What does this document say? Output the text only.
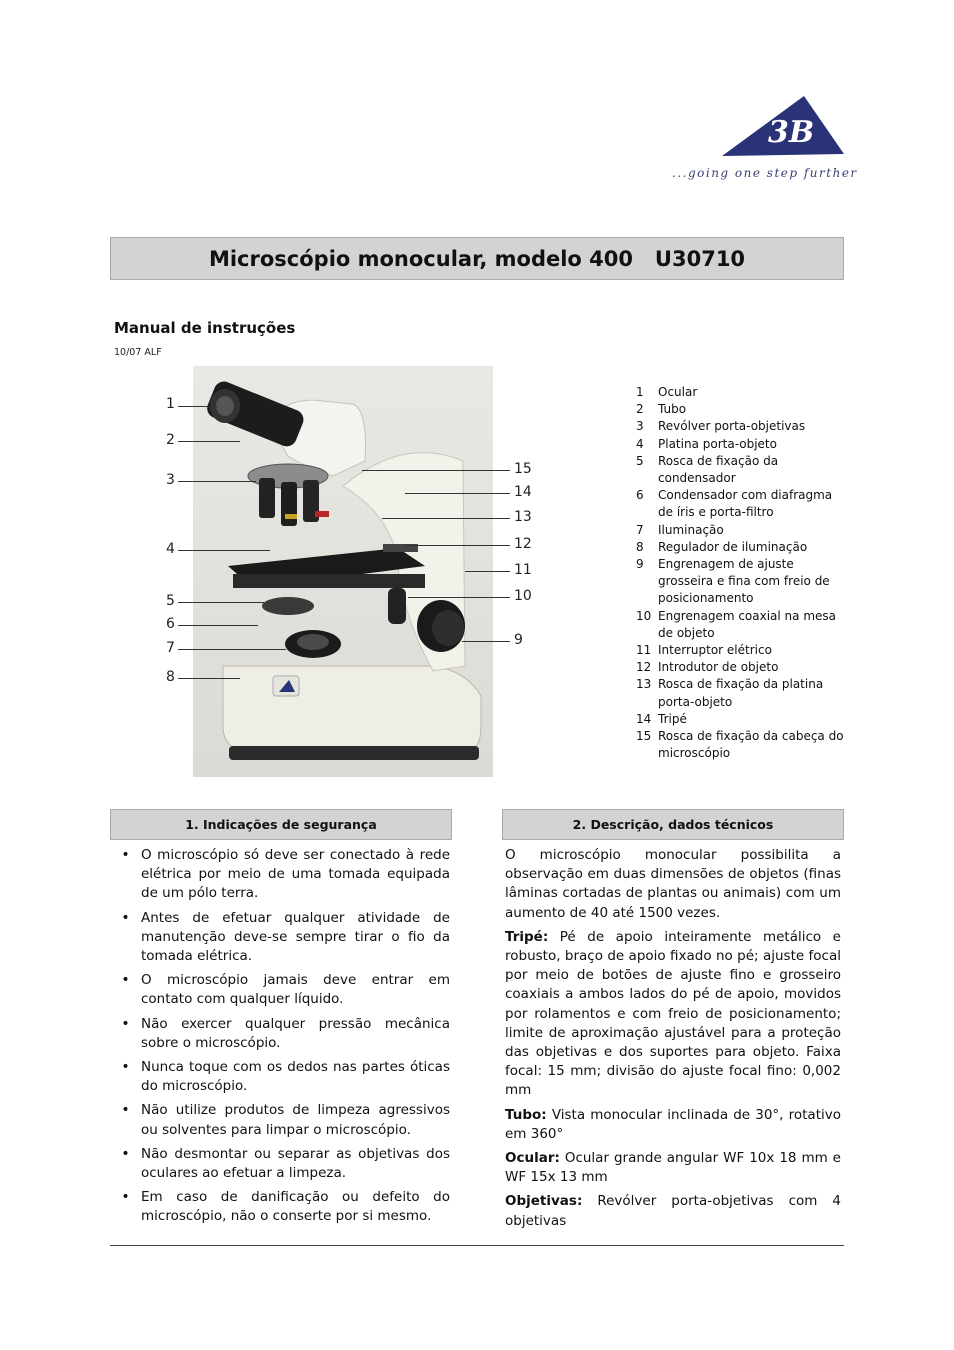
3B
...going one step further
Microscópio monocular, modelo 400   U30710
Manual de instruções
10/07 ALF
1
2
3
4
5
6
7
8
15
14
13
12
11
10
9
1	Ocular
2	Tubo
3	Revólver porta-objetivas
4	Platina porta-objeto
5	Rosca de fixação da condensador
6	Condensador com diafragma de íris e porta-filtro
7	Iluminação
8	Regulador de iluminação
9	Engrenagem de ajuste grosseira e fina com freio de posicionamento
10 Engrenagem coaxial na mesa de objeto
11 Interruptor elétrico
12 Introdutor de objeto
13 Rosca de fixação da platina porta-objeto
14 Tripé
15 Rosca de fixação da cabeça do microscópio
1. Indicações de segurança
• O microscópio só deve ser conectado à rede elétrica por meio de uma tomada equipada de um pólo terra.
• Antes de efetuar qualquer atividade de manutenção deve-se sempre tirar o fio da tomada elétrica.
• O microscópio jamais deve entrar em contato com qualquer líquido.
• Não exercer qualquer pressão mecânica sobre o microscópio.
• Nunca toque com os dedos nas partes óticas do microscópio.
• Não utilize produtos de limpeza agressivos ou solventes para limpar o microscópio.
• Não desmontar ou separar as objetivas dos oculares ao efetuar a limpeza.
• Em caso de danificação ou defeito do microscópio, não o conserte por si mesmo.
2. Descrição, dados técnicos

O microscópio monocular possibilita a observação em duas dimensões de objetos (finas lâminas cortadas de plantas ou animais) com um aumento de 40 até 1500 vezes.

Tripé: Pé de apoio inteiramente metálico e robusto, braço de apoio fixado no pé; ajuste focal por meio de botões de ajuste fino e grosseiro coaxiais a ambos lados do pé de apoio, movidos por rolamentos e com freio de posicionamento; limite de aproximação ajustável para a proteção das objetivas e dos suportes para objeto. Faixa focal: 15 mm; divisão do ajuste focal fino: 0,002 mm

Tubo: Vista monocular inclinada de 30°, rotativo em 360°

Ocular: Ocular grande angular WF 10x 18 mm e WF 15x 13 mm

Objetivas: Revólver porta-objetivas com 4 objetivas
